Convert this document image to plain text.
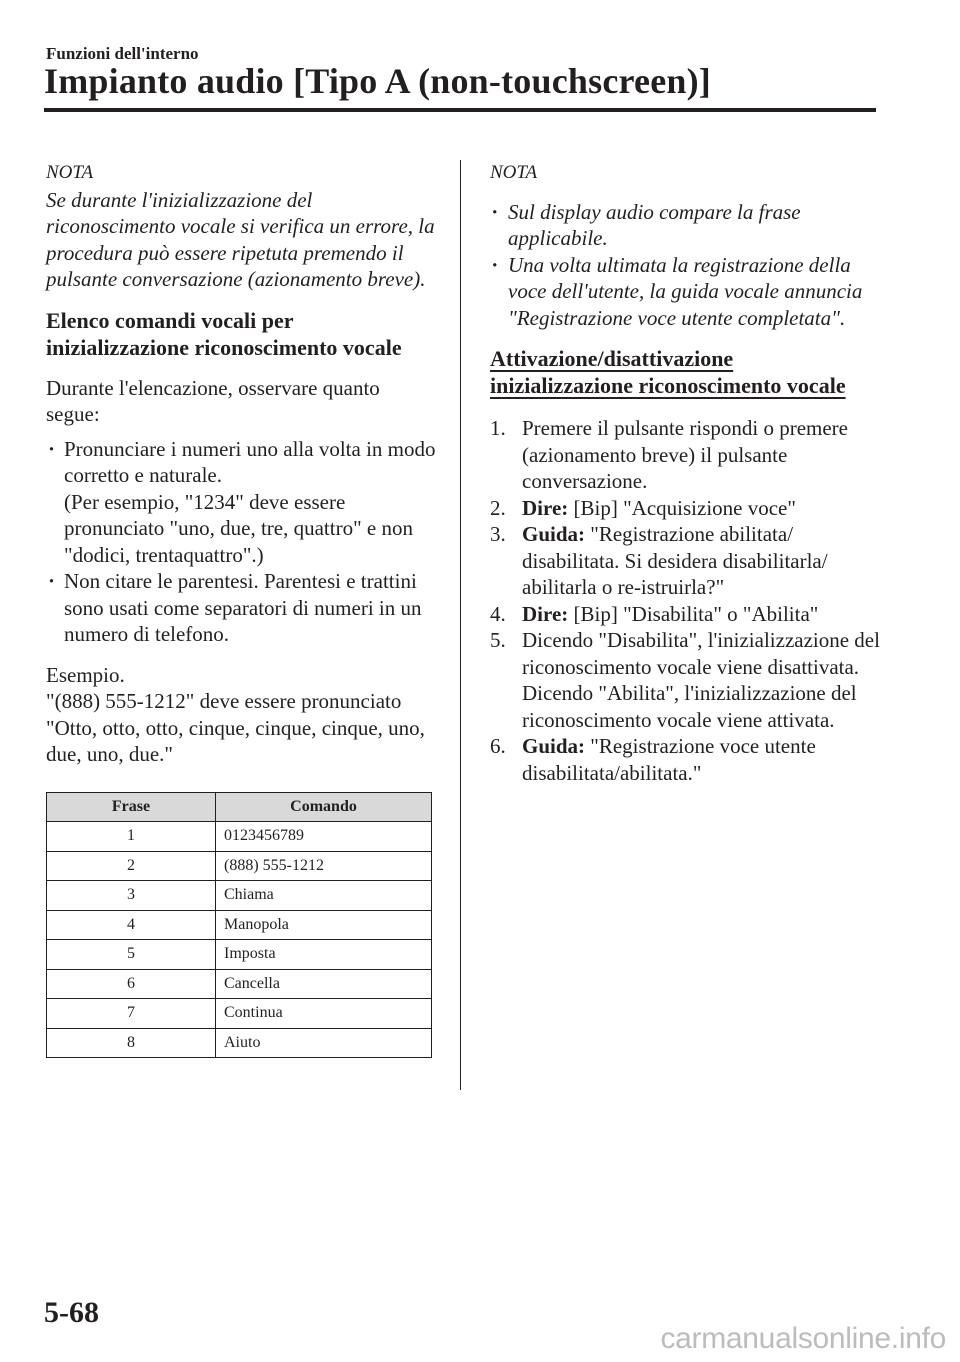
Funzioni dell'interno
Impianto audio [Tipo A (non-touchscreen)]

NOTA

Se durante l'inizializzazione del riconoscimento vocale si verifica un errore, la procedura può essere ripetuta premendo il pulsante conversazione (azionamento breve).

Elenco comandi vocali per inizializzazione riconoscimento vocale

Durante l'elencazione, osservare quanto segue:

· Pronunciare i numeri uno alla volta in modo corretto e naturale.
(Per esempio, "1234" deve essere pronunciato "uno, due, tre, quattro" e non "dodici, trentaquattro".)
· Non citare le parentesi. Parentesi e trattini sono usati come separatori di numeri in un numero di telefono.

Esempio.

"(888) 555-1212" deve essere pronunciato "Otto, otto, otto, cinque, cinque, cinque, uno, due, uno, due."

Frase	Comando
1	0123456789
2	(888) 555-1212
3	Chiama
4	Manopola
5	Imposta
6	Cancella
7	Continua
8	Aiuto

NOTA

· Sul display audio compare la frase applicabile.
· Una volta ultimata la registrazione della voce dell'utente, la guida vocale annuncia "Registrazione voce utente completata".
Attivazione/disattivazione
inizializzazione riconoscimento vocale
1. Premere il pulsante rispondi o premere (azionamento breve) il pulsante conversazione.
2. Dire: [Bip] "Acquisizione voce"
3. Guida: "Registrazione abilitata/ disabilitata. Si desidera disabilitarla/ abilitarla o re-istruirla?"
4. Dire: [Bip] "Disabilita" o "Abilita"
5. Dicendo "Disabilita", l'inizializzazione del riconoscimento vocale viene disattivata.
Dicendo "Abilita", l'inizializzazione del riconoscimento vocale viene attivata.
6. Guida: "Registrazione voce utente disabilitata/abilitata."
5-68
carmanualsonline.info
